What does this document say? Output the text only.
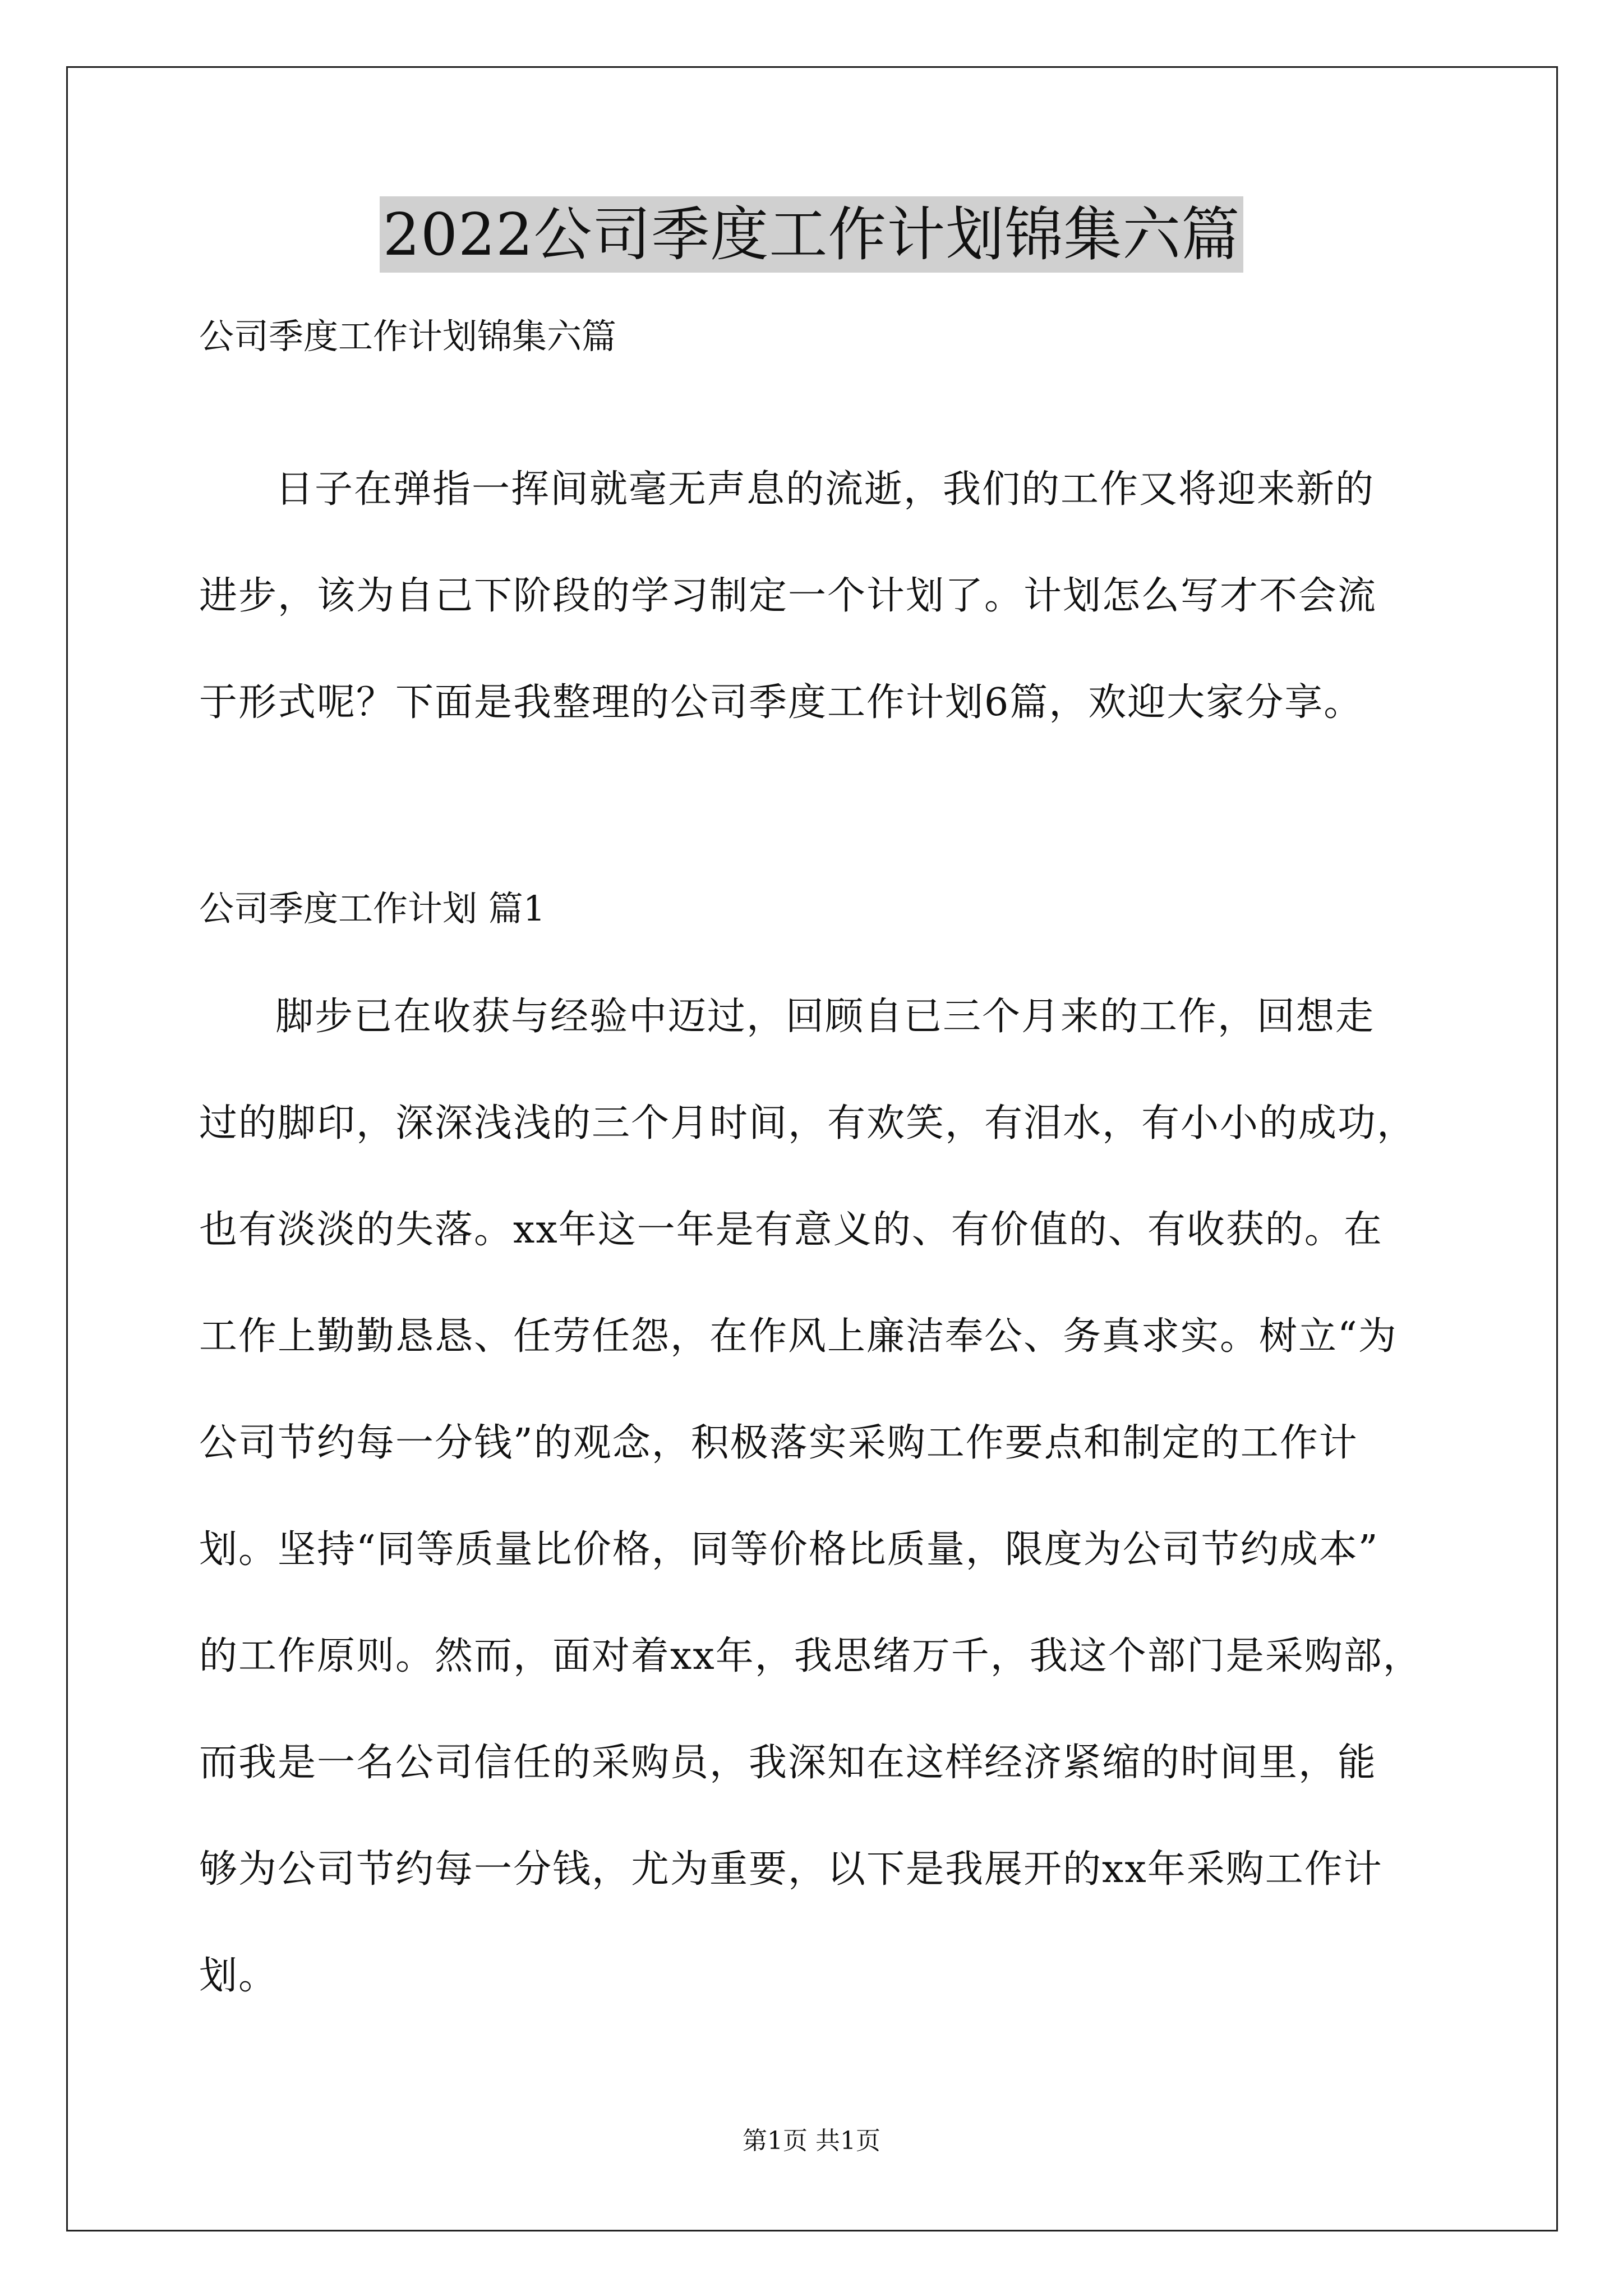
2022公司季度工作计划锦集六篇
公司季度工作计划锦集六篇
日子在弹指一挥间就毫无声息的流逝，我们的工作又将迎来新的
进步，该为自己下阶段的学习制定一个计划了。计划怎么写才不会流
于形式呢？下面是我整理的公司季度工作计划6篇，欢迎大家分享。
公司季度工作计划 篇1
脚步已在收获与经验中迈过，回顾自已三个月来的工作，回想走
过的脚印，深深浅浅的三个月时间，有欢笑，有泪水，有小小的成功，
也有淡淡的失落。xx年这一年是有意义的、有价值的、有收获的。在
工作上勤勤恳恳、任劳任怨，在作风上廉洁奉公、务真求实。树立“为
公司节约每一分钱”的观念，积极落实采购工作要点和制定的工作计
划。坚持“同等质量比价格，同等价格比质量，限度为公司节约成本”
的工作原则。然而，面对着xx年，我思绪万千，我这个部门是采购部，
而我是一名公司信任的采购员，我深知在这样经济紧缩的时间里，能
够为公司节约每一分钱，尤为重要，以下是我展开的xx年采购工作计
划。
第1页 共1页
